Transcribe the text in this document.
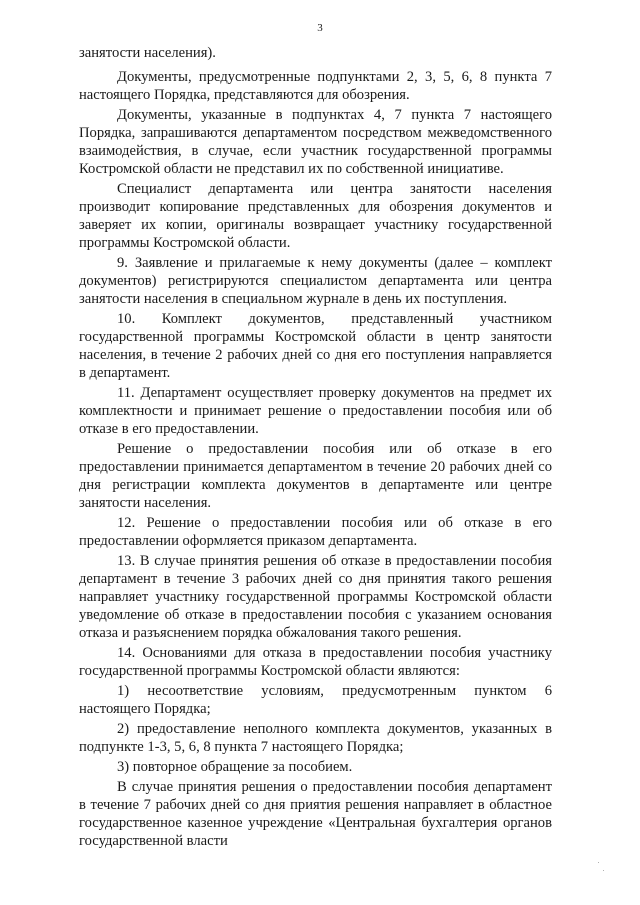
3

занятости населения).

Документы, предусмотренные подпунктами 2, 3, 5, 6, 8 пункта 7 настоящего Порядка, представляются для обозрения.

Документы, указанные в подпунктах 4, 7 пункта 7 настоящего Порядка, запрашиваются департаментом посредством межведомственного взаимодействия, в случае, если участник государственной программы Костромской области не представил их по собственной инициативе.

Специалист департамента или центра занятости населения производит копирование представленных для обозрения документов и заверяет их копии, оригиналы возвращает участнику государственной программы Костромской области.

9. Заявление и прилагаемые к нему документы (далее – комплект документов) регистрируются специалистом департамента или центра занятости населения в специальном журнале в день их поступления.

10. Комплект документов, представленный участником государственной программы Костромской области в центр занятости населения, в течение 2 рабочих дней со дня его поступления направляется в департамент.

11. Департамент осуществляет проверку документов на предмет их комплектности и принимает решение о предоставлении пособия или об отказе в его предоставлении.

Решение о предоставлении пособия или об отказе в его предоставлении принимается департаментом в течение 20 рабочих дней со дня регистрации комплекта документов в департаменте или центре занятости населения.

12. Решение о предоставлении пособия или об отказе в его предоставлении оформляется приказом департамента.

13. В случае принятия решения об отказе в предоставлении пособия департамент в течение 3 рабочих дней со дня принятия такого решения направляет участнику государственной программы Костромской области уведомление об отказе в предоставлении пособия с указанием основания отказа и разъяснением порядка обжалования такого решения.

14. Основаниями для отказа в предоставлении пособия участнику государственной программы Костромской области являются:

1) несоответствие условиям, предусмотренным пунктом 6 настоящего Порядка;

2) предоставление неполного комплекта документов, указанных в подпункте 1-3, 5, 6, 8 пункта 7 настоящего Порядка;

3) повторное обращение за пособием.

В случае принятия решения о предоставлении пособия департамент в течение 7 рабочих дней со дня приятия решения направляет в областное государственное казенное учреждение «Центральная бухгалтерия органов государственной власти
